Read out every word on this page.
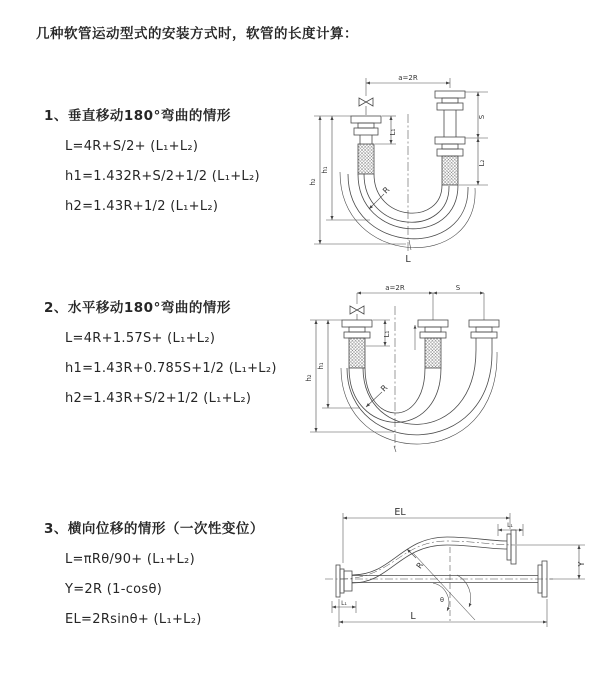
几种软管运动型式的安装方式时，软管的长度计算：
1、垂直移动180°弯曲的情形
L=4R+S/2+ (L₁+L₂)
h1=1.432R+S/2+1/2 (L₁+L₂)
h2=1.43R+1/2 (L₁+L₂)
2、水平移动180°弯曲的情形
L=4R+1.57S+ (L₁+L₂)
h1=1.43R+0.785S+1/2 (L₁+L₂)
h2=1.43R+S/2+1/2 (L₁+L₂)
3、横向位移的情形（一次性变位）
L=πRθ/90+ (L₁+L₂)
Y=2R (1-cosθ)
EL=2Rsinθ+ (L₁+L₂)
a=2R
L₁
S
L₂
h₂
h₁
R
L
a=2R	S
h₂
h₁
L₁
R
EL
L₁
Y
L
L₁
R
θ
